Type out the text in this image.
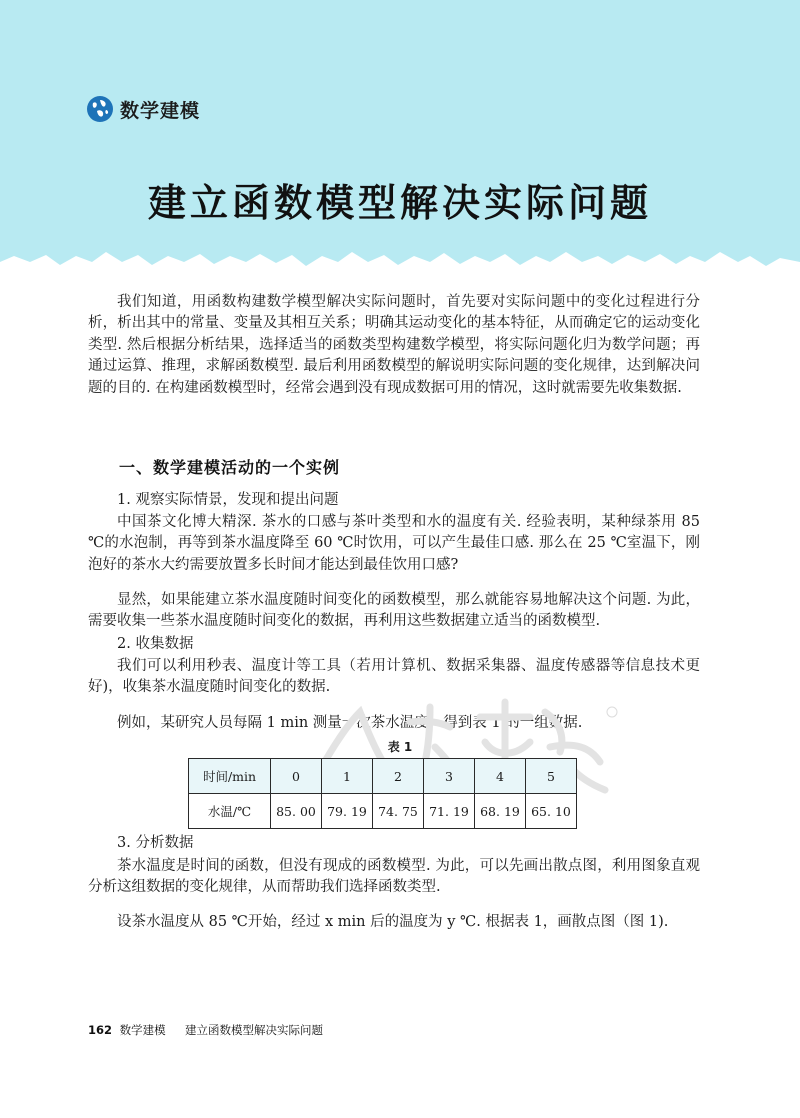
数学建模
建立函数模型解决实际问题

我们知道，用函数构建数学模型解决实际问题时，首先要对实际问题中的变化过程进行分析，析出其中的常量、变量及其相互关系；明确其运动变化的基本特征，从而确定它的运动变化类型. 然后根据分析结果，选择适当的函数类型构建数学模型，将实际问题化归为数学问题；再通过运算、推理，求解函数模型. 最后利用函数模型的解说明实际问题的变化规律，达到解决问题的目的. 在构建函数模型时，经常会遇到没有现成数据可用的情况，这时就需要先收集数据.

一、数学建模活动的一个实例
1. 观察实际情景，发现和提出问题

中国茶文化博大精深. 茶水的口感与茶叶类型和水的温度有关. 经验表明，某种绿茶用 85 ℃的水泡制，再等到茶水温度降至 60 ℃时饮用，可以产生最佳口感. 那么在 25 ℃室温下，刚泡好的茶水大约需要放置多长时间才能达到最佳饮用口感?

显然，如果能建立茶水温度随时间变化的函数模型，那么就能容易地解决这个问题. 为此，需要收集一些茶水温度随时间变化的数据，再利用这些数据建立适当的函数模型.

2. 收集数据

我们可以利用秒表、温度计等工具（若用计算机、数据采集器、温度传感器等信息技术更好)，收集茶水温度随时间变化的数据.

例如，某研究人员每隔 1 min 测量一次茶水温度，得到表 1 的一组数据.

表 1
时间/min	0	1	2	3	4	5
水温/℃	85. 00	79. 19	74. 75	71. 19	68. 19	65. 10
3. 分析数据

茶水温度是时间的函数，但没有现成的函数模型. 为此，可以先画出散点图，利用图象直观分析这组数据的变化规律，从而帮助我们选择函数类型.

设茶水温度从 85 ℃开始，经过 x min 后的温度为 y ℃. 根据表 1，画散点图（图 1).

162 数学建模 建立函数模型解决实际问题
